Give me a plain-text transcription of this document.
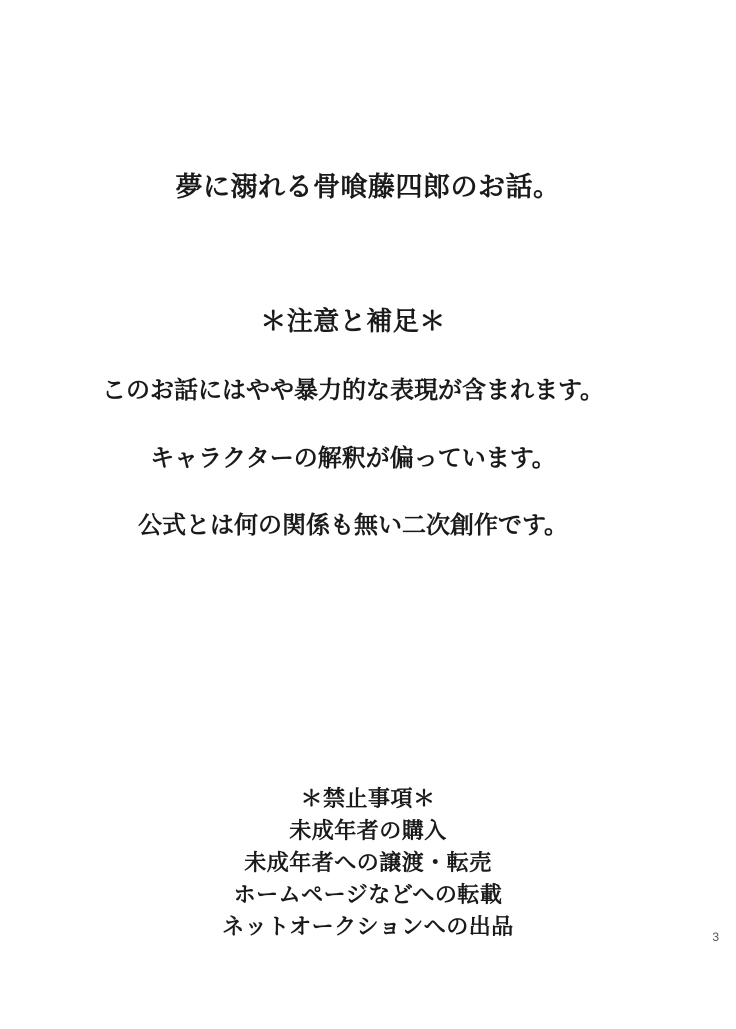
夢に溺れる骨喰藤四郎のお話。
＊注意と補足＊
このお話にはやや暴力的な表現が含まれます。
キャラクターの解釈が偏っています。
公式とは何の関係も無い二次創作です。
＊禁止事項＊
未成年者の購入
未成年者への譲渡・転売
ホームページなどへの転載
ネットオークションへの出品	3
